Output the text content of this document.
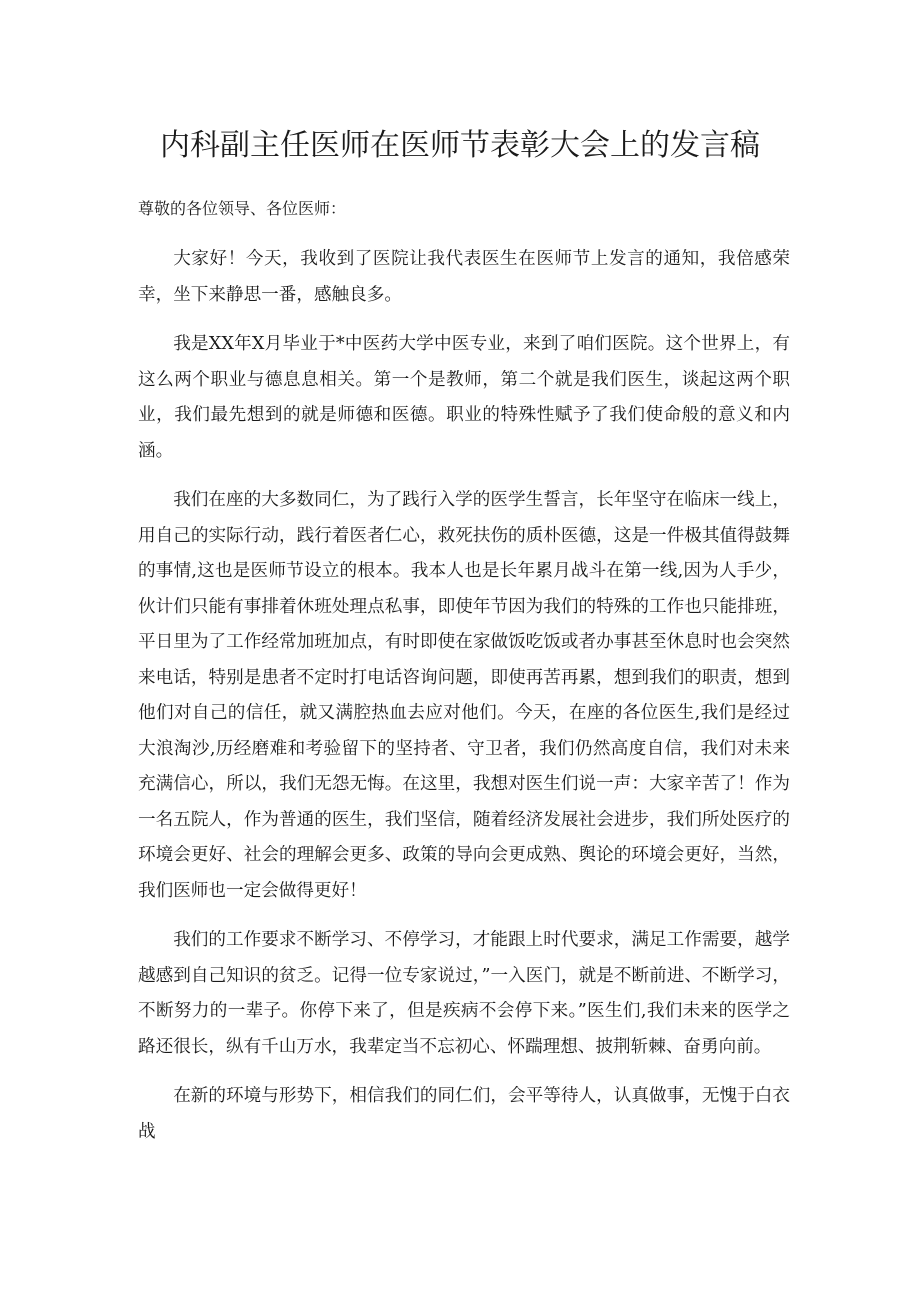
内科副主任医师在医师节表彰大会上的发言稿

尊敬的各位领导、各位医师：

大家好！今天，我收到了医院让我代表医生在医师节上发言的通知，我倍感荣幸，坐下来静思一番，感触良多。

我是XX年X月毕业于*中医药大学中医专业，来到了咱们医院。这个世界上，有这么两个职业与德息息相关。第一个是教师，第二个就是我们医生，谈起这两个职业，我们最先想到的就是师德和医德。职业的特殊性赋予了我们使命般的意义和内涵。

我们在座的大多数同仁，为了践行入学的医学生誓言，长年坚守在临床一线上，用自己的实际行动，践行着医者仁心，救死扶伤的质朴医德，这是一件极其值得鼓舞的事情,这也是医师节设立的根本。我本人也是长年累月战斗在第一线,因为人手少，伙计们只能有事排着休班处理点私事，即使年节因为我们的特殊的工作也只能排班，平日里为了工作经常加班加点，有时即使在家做饭吃饭或者办事甚至休息时也会突然来电话，特别是患者不定时打电话咨询问题，即使再苦再累，想到我们的职责，想到他们对自己的信任，就又满腔热血去应对他们。今天，在座的各位医生,我们是经过大浪淘沙,历经磨难和考验留下的坚持者、守卫者，我们仍然高度自信，我们对未来充满信心，所以，我们无怨无悔。在这里，我想对医生们说一声：大家辛苦了！作为一名五院人，作为普通的医生，我们坚信，随着经济发展社会进步，我们所处医疗的环境会更好、社会的理解会更多、政策的导向会更成熟、舆论的环境会更好，当然，我们医师也一定会做得更好！

我们的工作要求不断学习、不停学习，才能跟上时代要求，满足工作需要，越学越感到自己知识的贫乏。记得一位专家说过，”一入医门，就是不断前进、不断学习，不断努力的一辈子。你停下来了，但是疾病不会停下来。”医生们,我们未来的医学之路还很长，纵有千山万水，我辈定当不忘初心、怀踹理想、披荆斩棘、奋勇向前。

在新的环境与形势下，相信我们的同仁们，会平等待人，认真做事，无愧于白衣战
